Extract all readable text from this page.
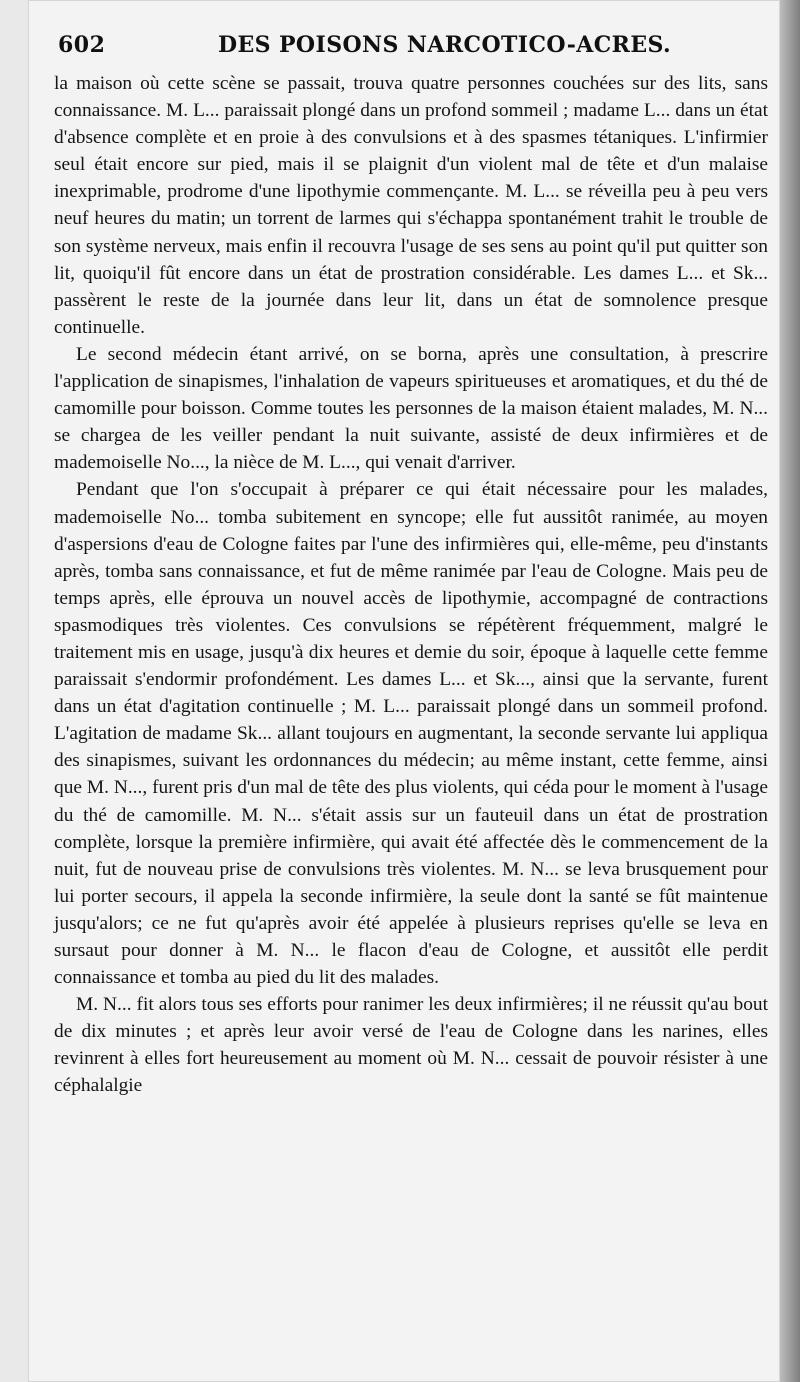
602	DES POISONS NARCOTICO-ACRES.

la maison où cette scène se passait, trouva quatre personnes couchées sur des lits, sans connaissance. M. L... paraissait plongé dans un profond sommeil ; madame L... dans un état d'absence complète et en proie à des convulsions et à des spasmes tétaniques. L'infirmier seul était encore sur pied, mais il se plaignit d'un violent mal de tête et d'un malaise inexprimable, prodrome d'une lipothymie commençante. M. L... se réveilla peu à peu vers neuf heures du matin; un torrent de larmes qui s'échappa spontanément trahit le trouble de son système nerveux, mais enfin il recouvra l'usage de ses sens au point qu'il put quitter son lit, quoiqu'il fût encore dans un état de prostration considérable. Les dames L... et Sk... passèrent le reste de la journée dans leur lit, dans un état de somnolence presque continuelle.

Le second médecin étant arrivé, on se borna, après une consultation, à prescrire l'application de sinapismes, l'inhalation de vapeurs spiritueuses et aromatiques, et du thé de camomille pour boisson. Comme toutes les personnes de la maison étaient malades, M. N... se chargea de les veiller pendant la nuit suivante, assisté de deux infirmières et de mademoiselle No..., la nièce de M. L..., qui venait d'arriver.

Pendant que l'on s'occupait à préparer ce qui était nécessaire pour les malades, mademoiselle No... tomba subitement en syncope; elle fut aussitôt ranimée, au moyen d'aspersions d'eau de Cologne faites par l'une des infirmières qui, elle-même, peu d'instants après, tomba sans connaissance, et fut de même ranimée par l'eau de Cologne. Mais peu de temps après, elle éprouva un nouvel accès de lipothymie, accompagné de contractions spasmodiques très violentes. Ces convulsions se répétèrent fréquemment, malgré le traitement mis en usage, jusqu'à dix heures et demie du soir, époque à laquelle cette femme paraissait s'endormir profondément. Les dames L... et Sk..., ainsi que la servante, furent dans un état d'agitation continuelle ; M. L... paraissait plongé dans un sommeil profond. L'agitation de madame Sk... allant toujours en augmentant, la seconde servante lui appliqua des sinapismes, suivant les ordonnances du médecin; au même instant, cette femme, ainsi que M. N..., furent pris d'un mal de tête des plus violents, qui céda pour le moment à l'usage du thé de camomille. M. N... s'était assis sur un fauteuil dans un état de prostration complète, lorsque la première infirmière, qui avait été affectée dès le commencement de la nuit, fut de nouveau prise de convulsions très violentes. M. N... se leva brusquement pour lui porter secours, il appela la seconde infirmière, la seule dont la santé se fût maintenue jusqu'alors; ce ne fut qu'après avoir été appelée à plusieurs reprises qu'elle se leva en sursaut pour donner à M. N... le flacon d'eau de Cologne, et aussitôt elle perdit connaissance et tomba au pied du lit des malades.

M. N... fit alors tous ses efforts pour ranimer les deux infirmières; il ne réussit qu'au bout de dix minutes ; et après leur avoir versé de l'eau de Cologne dans les narines, elles revinrent à elles fort heureusement au moment où M. N... cessait de pouvoir résister à une céphalalgie
